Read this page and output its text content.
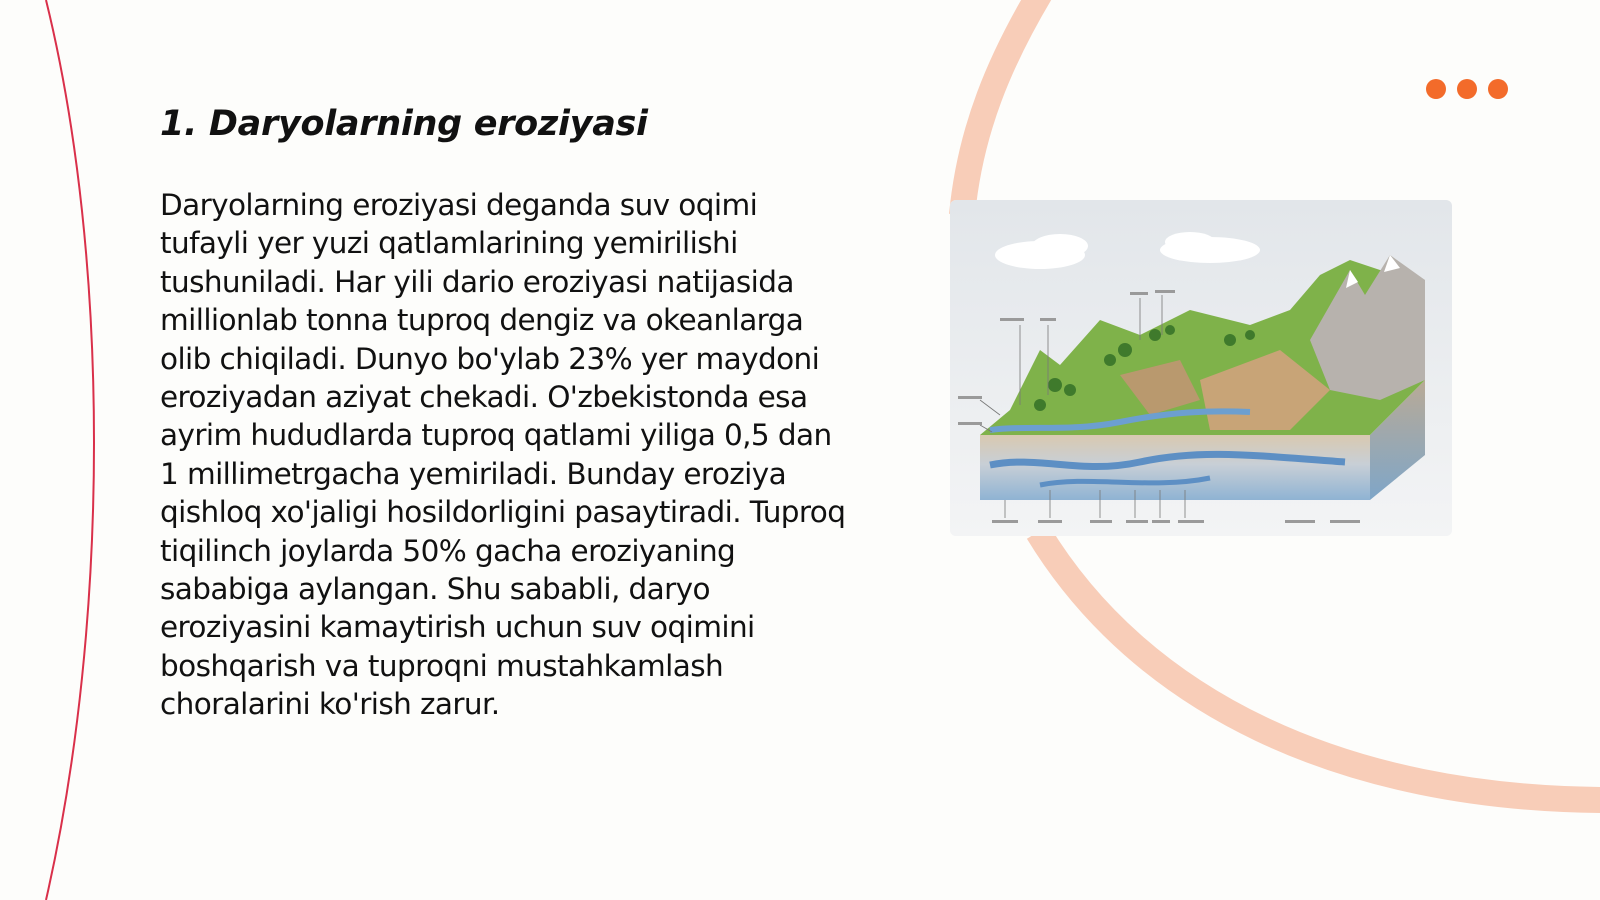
1. Daryolarning eroziyasi

Daryolarning eroziyasi deganda suv oqimi tufayli yer yuzi qatlamlarining yemirilishi tushuniladi. Har yili dario eroziyasi natijasida millionlab tonna tuproq dengiz va okeanlarga olib chiqiladi. Dunyo bo'ylab 23% yer maydoni eroziyadan aziyat chekadi. O'zbekistonda esa ayrim hududlarda tuproq qatlami yiliga 0,5 dan 1 millimetrgacha yemiriladi. Bunday eroziya qishloq xo'jaligi hosildorligini pasaytiradi. Tuproq tiqilinch joylarda 50% gacha eroziyaning sababiga aylangan. Shu sababli, daryo eroziyasini kamaytirish uchun suv oqimini boshqarish va tuproqni mustahkamlash choralarini ko'rish zarur.
